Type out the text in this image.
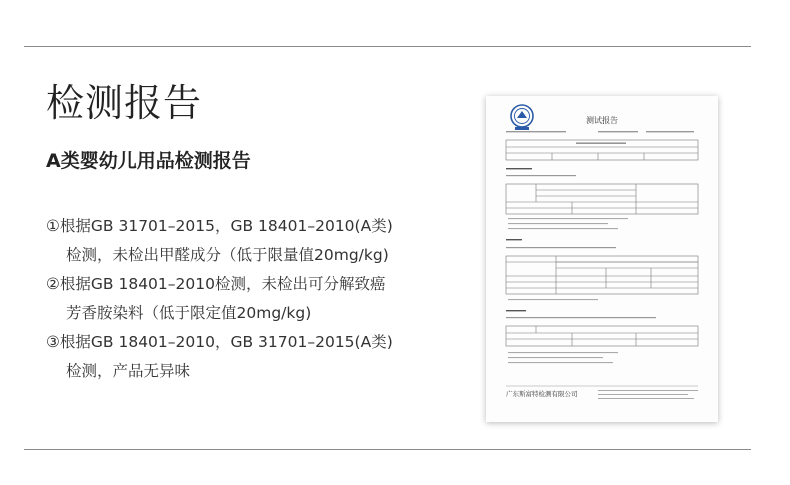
检测报告
A类婴幼儿用品检测报告
①根据GB 31701–2015，GB 18401–2010(A类)
检测，未检出甲醛成分（低于限量值20mg/kg)
②根据GB 18401–2010检测，未检出可分解致癌
芳香胺染料（低于限定值20mg/kg)
③根据GB 18401–2010，GB 31701–2015(A类)
检测，产品无异味
测试报告
广东斯富特检测有限公司
